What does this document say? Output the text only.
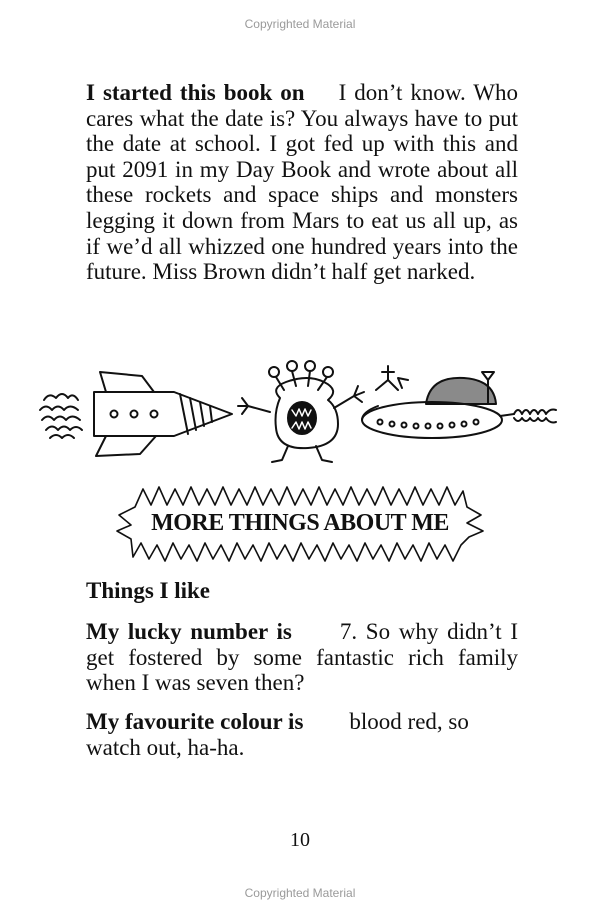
Copyrighted Material
I started this book on I don’t know. Who cares what the date is? You always have to put the date at school. I got fed up with this and put 2091 in my Day Book and wrote about all these rockets and space ships and monsters legging it down from Mars to eat us all up, as if we’d all whizzed one hundred years into the future. Miss Brown didn’t half get narked.
MORE THINGS ABOUT ME
Things I like
My lucky number is 7. So why didn’t I get fostered by some fantastic rich family when I was seven then?
My favourite colour is blood red, so watch out, ha-ha.
10
Copyrighted Material
